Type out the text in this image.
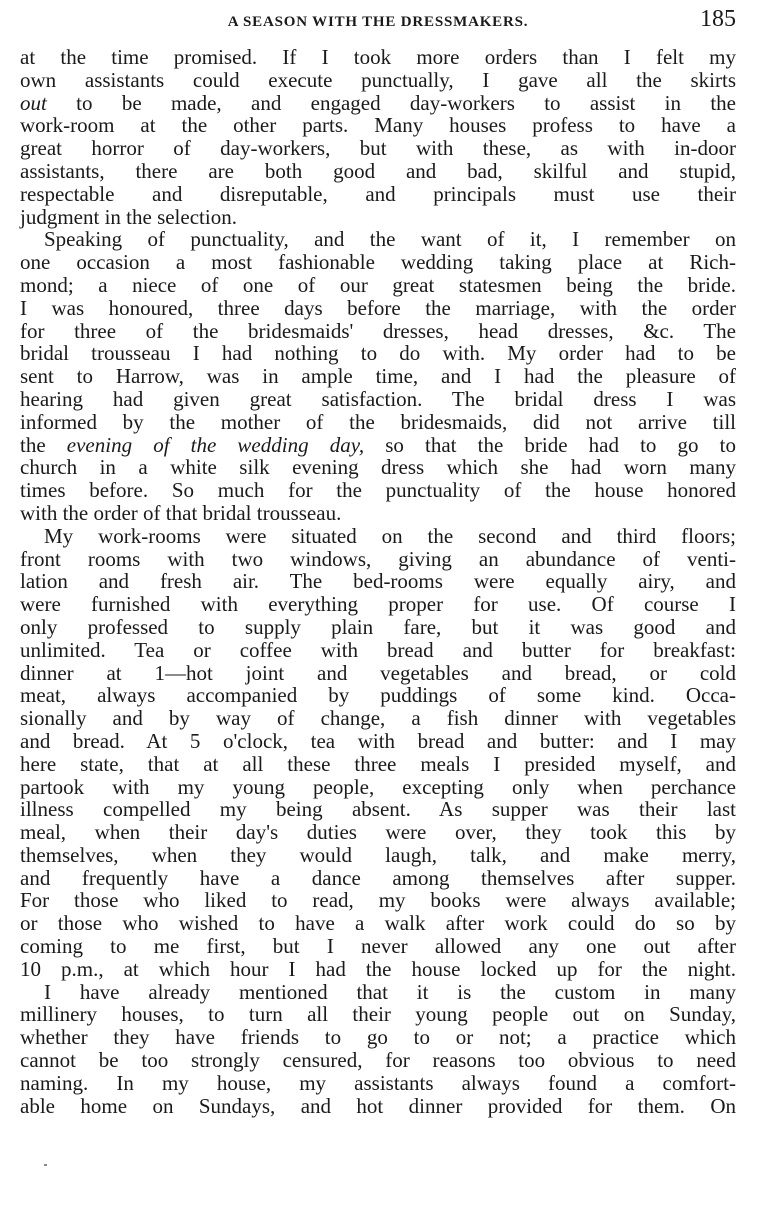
A SEASON WITH THE DRESSMAKERS.	185
at the time promised. If I took more orders than I felt my
own assistants could execute punctually, I gave all the skirts
out to be made, and engaged day-workers to assist in the
work-room at the other parts. Many houses profess to have a
great horror of day-workers, but with these, as with in-door
assistants, there are both good and bad, skilful and stupid,
respectable and disreputable, and principals must use their
judgment in the selection.
Speaking of punctuality, and the want of it, I remember on
one occasion a most fashionable wedding taking place at Rich-
mond; a niece of one of our great statesmen being the bride.
I was honoured, three days before the marriage, with the order
for three of the bridesmaids' dresses, head dresses, &c. The
bridal trousseau I had nothing to do with. My order had to be
sent to Harrow, was in ample time, and I had the pleasure of
hearing had given great satisfaction. The bridal dress I was
informed by the mother of the bridesmaids, did not arrive till
the evening of the wedding day, so that the bride had to go to
church in a white silk evening dress which she had worn many
times before. So much for the punctuality of the house honored
with the order of that bridal trousseau.
My work-rooms were situated on the second and third floors;
front rooms with two windows, giving an abundance of venti-
lation and fresh air. The bed-rooms were equally airy, and
were furnished with everything proper for use. Of course I
only professed to supply plain fare, but it was good and
unlimited. Tea or coffee with bread and butter for breakfast:
dinner at 1—hot joint and vegetables and bread, or cold
meat, always accompanied by puddings of some kind. Occa-
sionally and by way of change, a fish dinner with vegetables
and bread. At 5 o'clock, tea with bread and butter: and I may
here state, that at all these three meals I presided myself, and
partook with my young people, excepting only when perchance
illness compelled my being absent. As supper was their last
meal, when their day's duties were over, they took this by
themselves, when they would laugh, talk, and make merry,
and frequently have a dance among themselves after supper.
For those who liked to read, my books were always available;
or those who wished to have a walk after work could do so by
coming to me first, but I never allowed any one out after
10 p.m., at which hour I had the house locked up for the night.
I have already mentioned that it is the custom in many
millinery houses, to turn all their young people out on Sunday,
whether they have friends to go to or not; a practice which
cannot be too strongly censured, for reasons too obvious to need
naming. In my house, my assistants always found a comfort-
able home on Sundays, and hot dinner provided for them. On
